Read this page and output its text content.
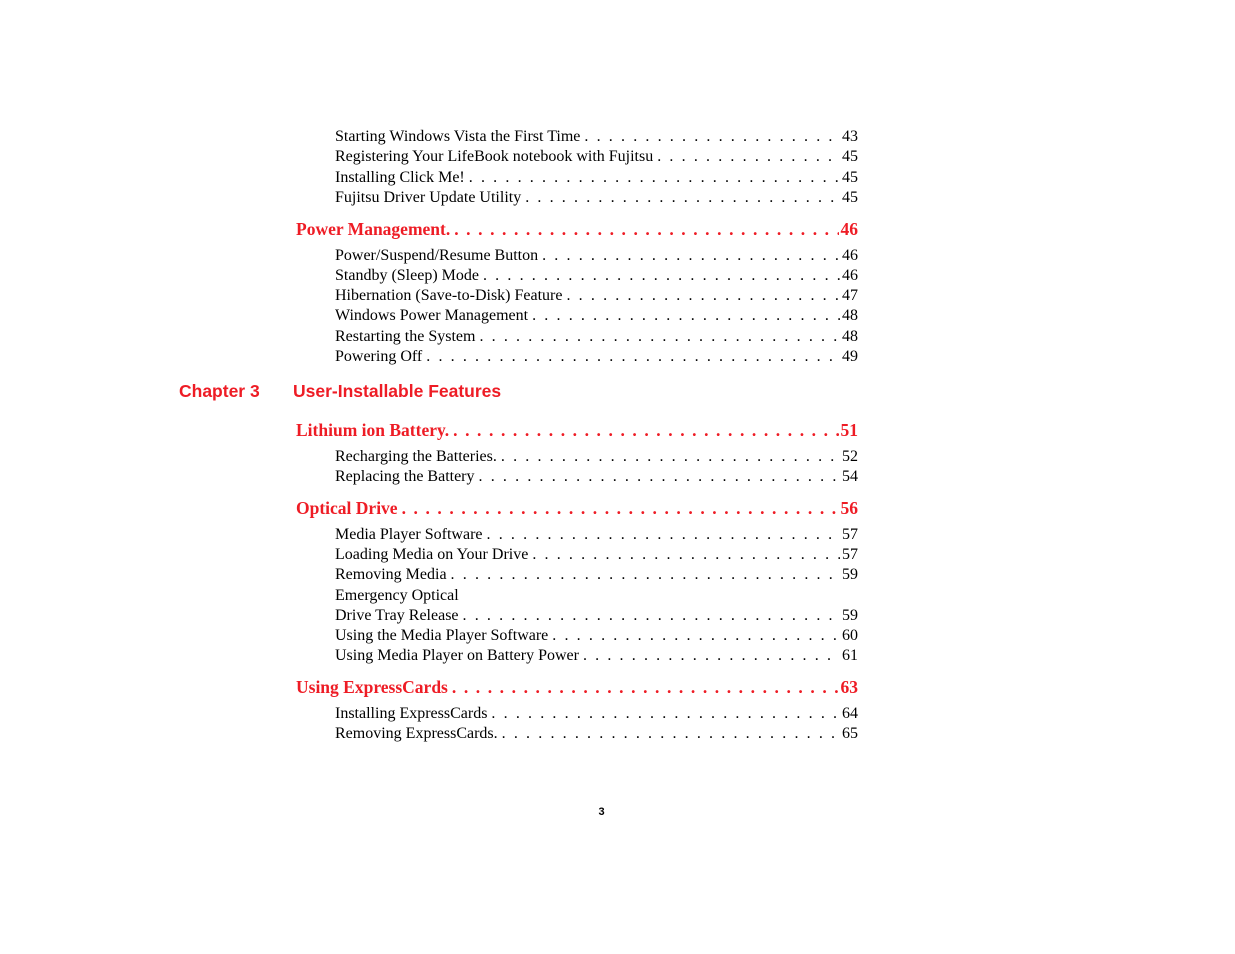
Starting Windows Vista the First Time . . .	43
Registering Your LifeBook notebook with Fujitsu . . .	45
Installing Click Me! . . .	45
Fujitsu Driver Update Utility . . .	45
Power Management. . . .	46
Power/Suspend/Resume Button . . .	46
Standby (Sleep) Mode . . .	46
Hibernation (Save-to-Disk) Feature . . .	47
Windows Power Management . . .	48
Restarting the System . . .	48
Powering Off . . .	49
Chapter 3 User-Installable Features
Lithium ion Battery. . . .	51
Recharging the Batteries. . . .	52
Replacing the Battery . . .	54
Optical Drive . . .	56
Media Player Software . . .	57
Loading Media on Your Drive . . .	57
Removing Media . . .	59
Emergency Optical
Drive Tray Release . . .	59
Using the Media Player Software . . .	60
Using Media Player on Battery Power . . .	61
Using ExpressCards . . .	63
Installing ExpressCards . . .	64
Removing ExpressCards. . . .	65
3
